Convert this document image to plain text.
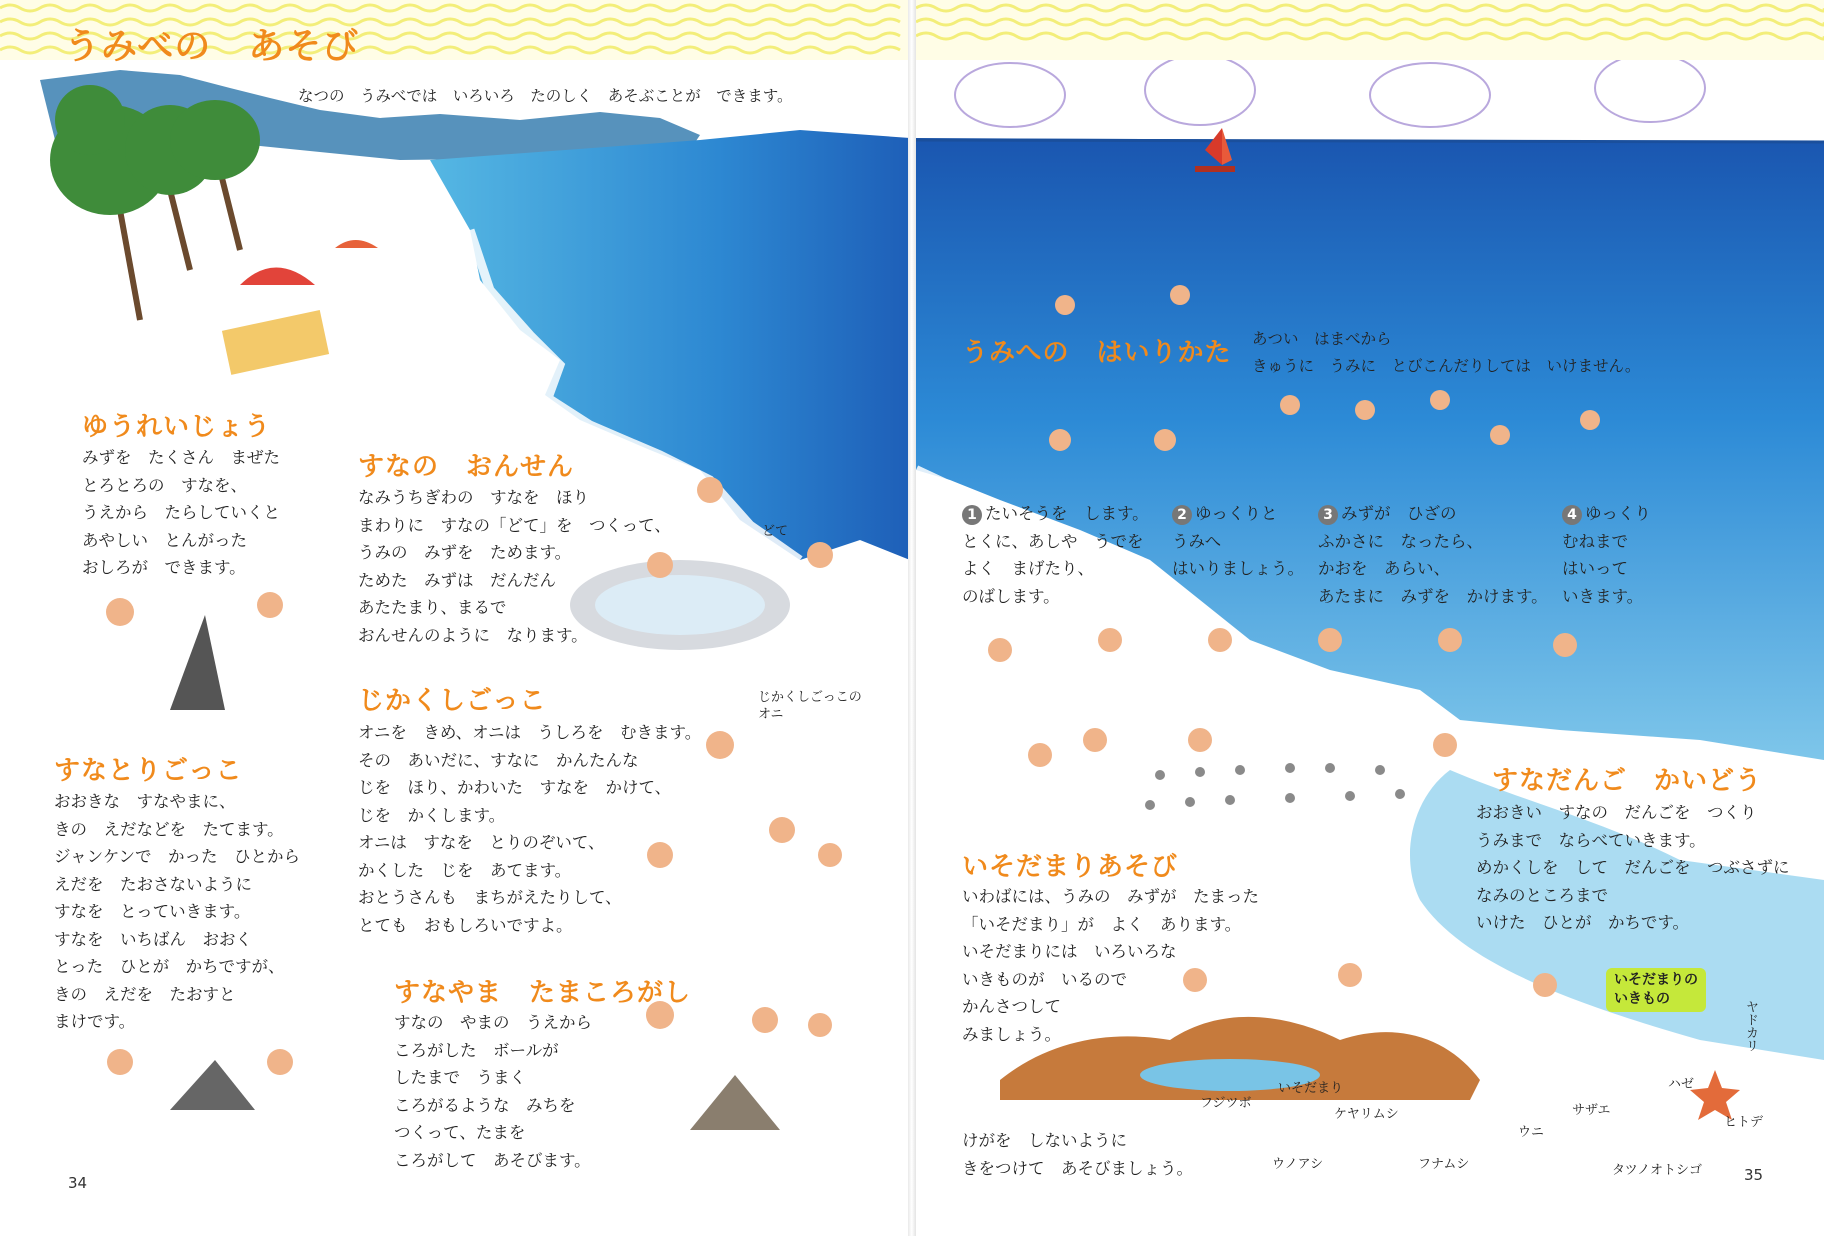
うみべの　あそび
なつの　うみべでは　いろいろ　たのしく　あそぶことが　できます。
ゆうれいじょう
みずを　たくさん　まぜた
とろとろの　すなを、
うえから　たらしていくと
あやしい　とんがった
おしろが　できます。
すなとりごっこ
おおきな　すなやまに、
きの　えだなどを　たてます。
ジャンケンで　かった　ひとから
えだを　たおさないように
すなを　とっていきます。
すなを　いちばん　おおく
とった　ひとが　かちですが、
きの　えだを　たおすと
まけです。
すなの　おんせん
なみうちぎわの　すなを　ほり
まわりに　すなの「どて」を　つくって、
うみの　みずを　ためます。
ためた　みずは　だんだん
あたたまり、まるで
おんせんのように　なります。
どて
じかくしごっこ
オニを　きめ、オニは　うしろを　むきます。
その　あいだに、すなに　かんたんな
じを　ほり、かわいた　すなを　かけて、
じを　かくします。
オニは　すなを　とりのぞいて、
かくした　じを　あてます。
おとうさんも　まちがえたりして、
とても　おもしろいですよ。
じかくしごっこの
オニ
すなやま　たまころがし
すなの　やまの　うえから
ころがした　ボールが
したまで　うまく
ころがるような　みちを
つくって、たまを
ころがして　あそびます。
34
うみへの　はいりかた あつい　はまべから
きゅうに　うみに　とびこんだりしては　いけません。
1 たいそうを　します。
とくに、あしや　うでを
よく　まげたり、
のばします。
2 ゆっくりと
うみへ
はいりましょう。
3 みずが　ひざの
ふかさに　なったら、
かおを　あらい、
あたまに　みずを　かけます。
4 ゆっくり
むねまで
はいって
いきます。
すなだんご　かいどう
おおきい　すなの　だんごを　つくり
うみまで　ならべていきます。
めかくしを　して　だんごを　つぶさずに
なみのところまで
いけた　ひとが　かちです。
いそだまりあそび
いわばには、うみの　みずが　たまった
「いそだまり」が　よく　あります。
いそだまりには　いろいろな
いきものが　いるので
かんさつして
みましょう。
けがを　しないように
きをつけて　あそびましょう。
いそだまりの
いきもの
フジツボ
いそだまり
ケヤリムシ
ウノアシ	フナムシ
ウニ
サザエ
ハゼ
ヤドカリ
ヒトデ
タツノオトシゴ	35
